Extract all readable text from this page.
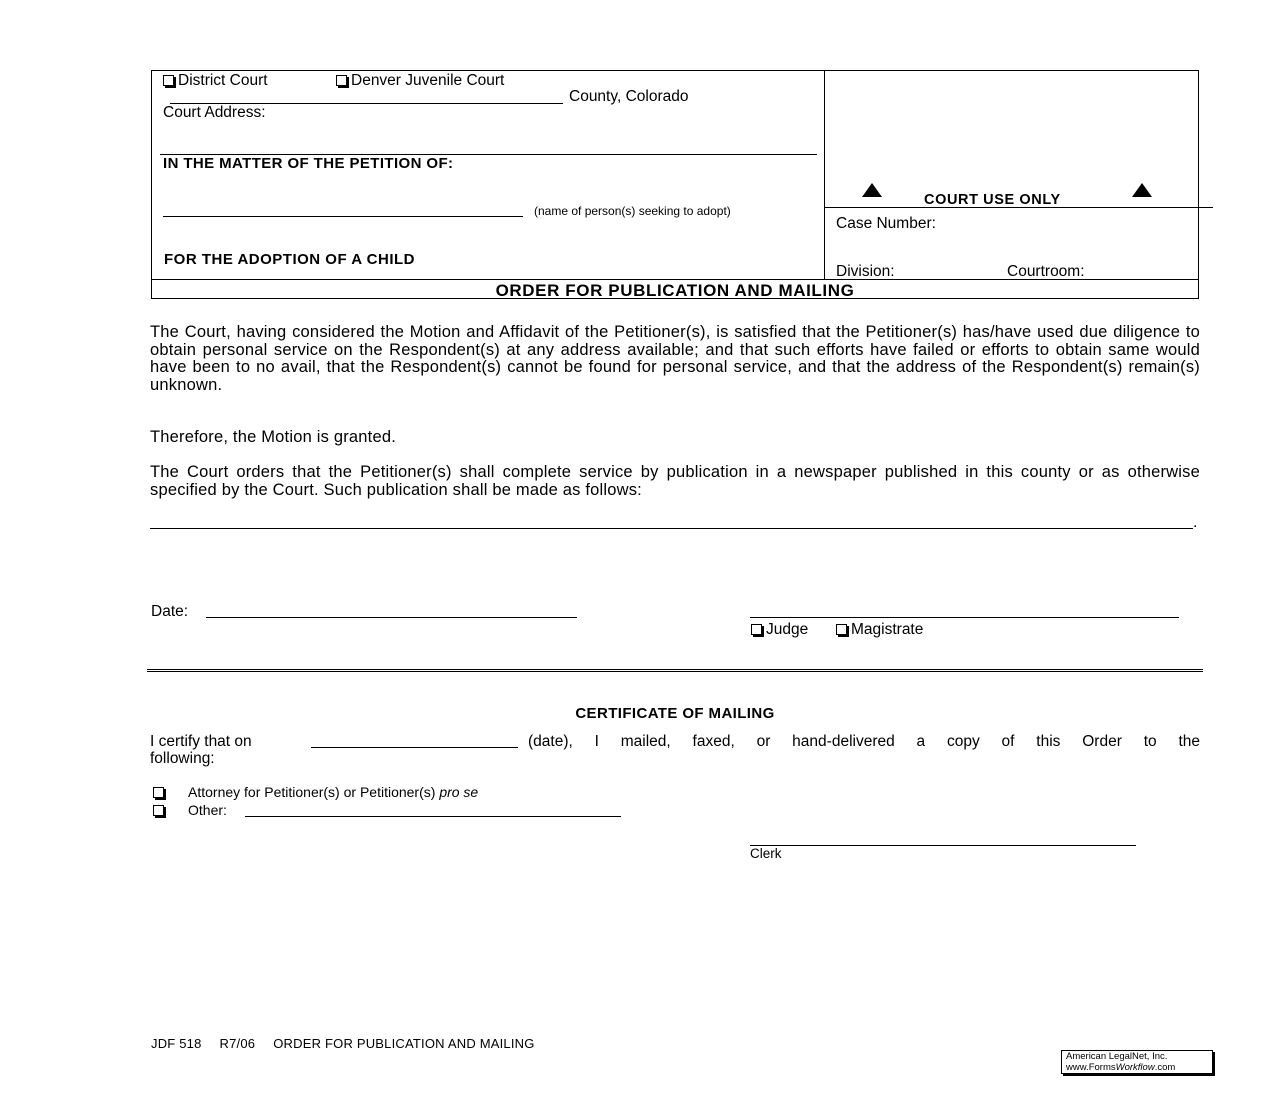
District Court	Denver Juvenile Court
County, Colorado
Court Address:
IN THE MATTER OF THE PETITION OF:
(name of person(s) seeking to adopt)
FOR THE ADOPTION OF A CHILD
COURT USE ONLY
Case Number:
Division:	Courtroom:
ORDER FOR PUBLICATION AND MAILING
The Court, having considered the Motion and Affidavit of the Petitioner(s), is satisfied that the Petitioner(s) has/have used due diligence to obtain personal service on the Respondent(s) at any address available; and that such efforts have failed or efforts to obtain same would have been to no avail, that the Respondent(s) cannot be found for personal service, and that the address of the Respondent(s) remain(s) unknown.
Therefore, the Motion is granted.
The Court orders that the Petitioner(s) shall complete service by publication in a newspaper published in this county or as otherwise specified by the Court. Such publication shall be made as follows:
.
Date:
Judge	Magistrate
CERTIFICATE OF MAILING
I certify that on	(date), I mailed, faxed, or hand-delivered a copy of this Order to the
following:
Attorney for Petitioner(s) or Petitioner(s) pro se
Other:
Clerk
JDF 518 R7/06 ORDER FOR PUBLICATION AND MAILING
American LegalNet, Inc.
www.FormsWorkflow.com
